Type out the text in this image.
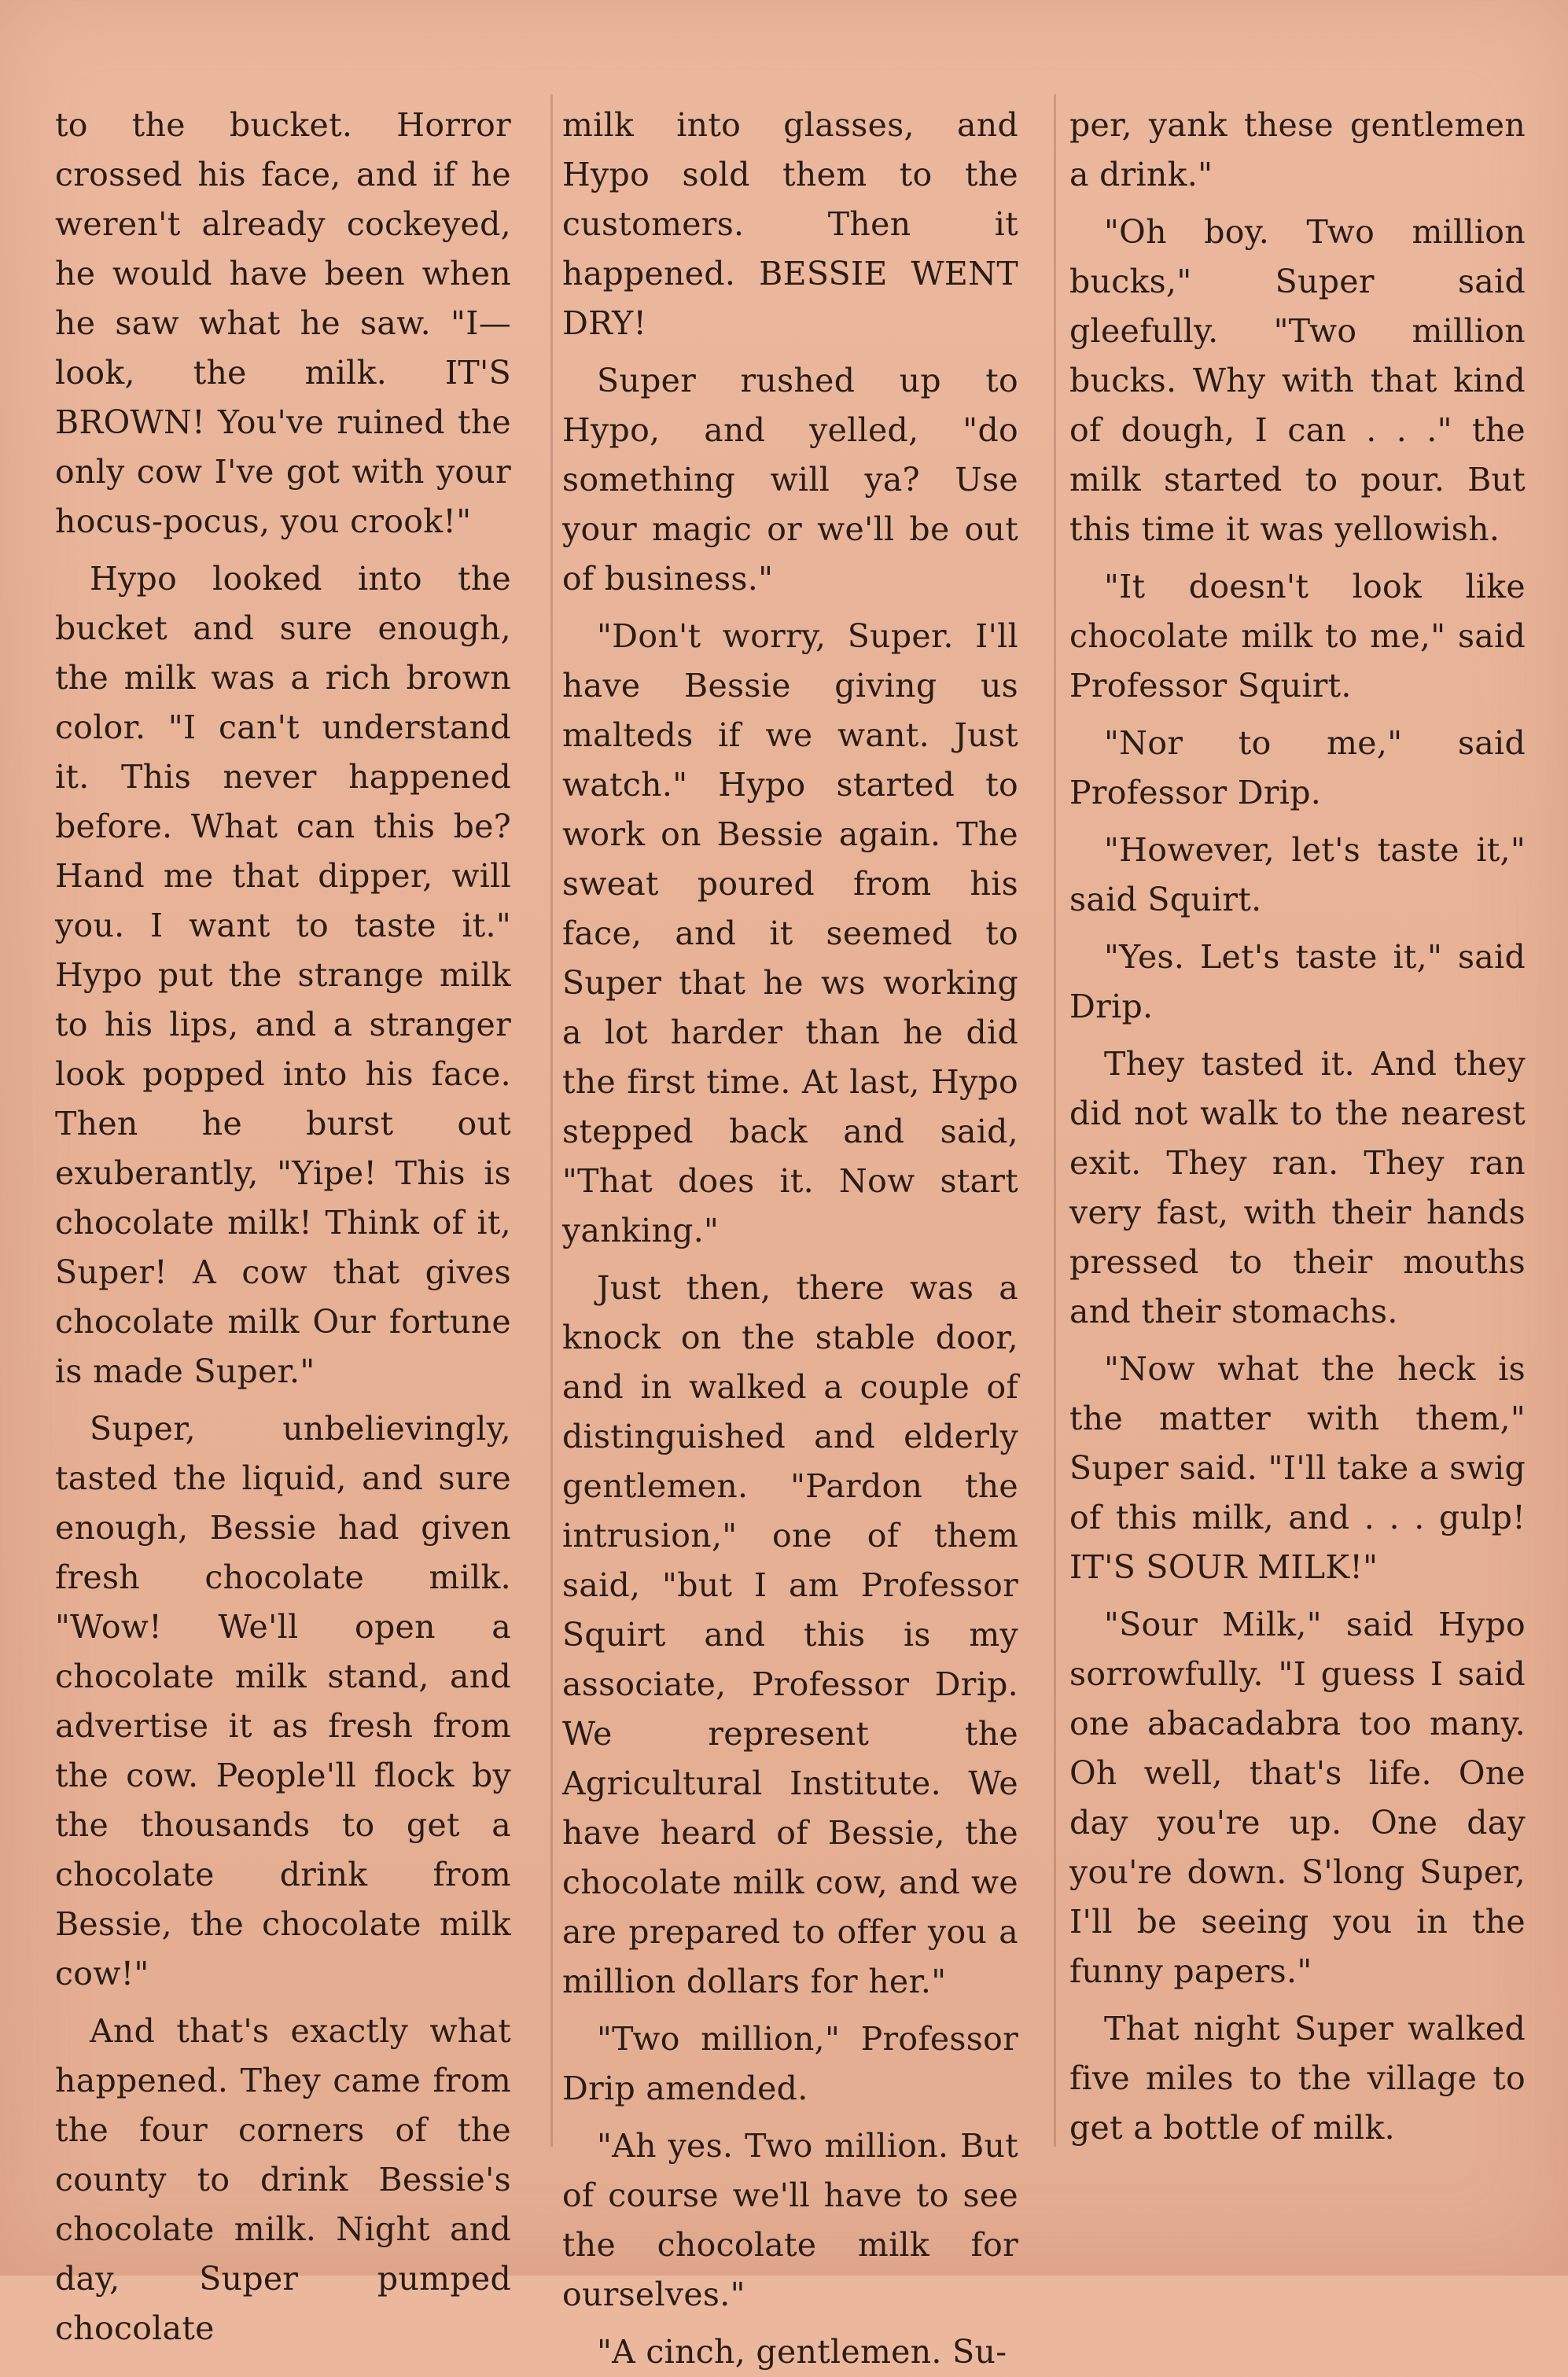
to the bucket. Horror crossed his face, and if he weren't already cockeyed, he would have been when he saw what he saw. "I—look, the milk. IT'S BROWN! You've ruined the only cow I've got with your hocus-pocus, you crook!"

Hypo looked into the bucket and sure enough, the milk was a rich brown color. "I can't understand it. This never happened before. What can this be? Hand me that dipper, will you. I want to taste it." Hypo put the strange milk to his lips, and a stranger look popped into his face. Then he burst out exuberantly, "Yipe! This is chocolate milk! Think of it, Super! A cow that gives chocolate milk Our fortune is made Super."

Super, unbelievingly, tasted the liquid, and sure enough, Bessie had given fresh chocolate milk. "Wow! We'll open a chocolate milk stand, and advertise it as fresh from the cow. People'll flock by the thousands to get a chocolate drink from Bessie, the chocolate milk cow!"

And that's exactly what happened. They came from the four corners of the county to drink Bessie's chocolate milk. Night and day, Super pumped chocolate

milk into glasses, and Hypo sold them to the customers. Then it happened. BESSIE WENT DRY!

Super rushed up to Hypo, and yelled, "do something will ya? Use your magic or we'll be out of business."

"Don't worry, Super. I'll have Bessie giving us malteds if we want. Just watch." Hypo started to work on Bessie again. The sweat poured from his face, and it seemed to Super that he ws working a lot harder than he did the first time. At last, Hypo stepped back and said, "That does it. Now start yanking."

Just then, there was a knock on the stable door, and in walked a couple of distinguished and elderly gentlemen. "Pardon the intrusion," one of them said, "but I am Professor Squirt and this is my associate, Professor Drip. We represent the Agricultural Institute. We have heard of Bessie, the chocolate milk cow, and we are prepared to offer you a million dollars for her."

"Two million," Professor Drip amended.

"Ah yes. Two million. But of course we'll have to see the chocolate milk for ourselves."

"A cinch, gentlemen. Su-

per, yank these gentlemen a drink."

"Oh boy. Two million bucks," Super said gleefully. "Two million bucks. Why with that kind of dough, I can . . ." the milk started to pour. But this time it was yellowish.

"It doesn't look like chocolate milk to me," said Professor Squirt.

"Nor to me," said Professor Drip.

"However, let's taste it," said Squirt.

"Yes. Let's taste it," said Drip.

They tasted it. And they did not walk to the nearest exit. They ran. They ran very fast, with their hands pressed to their mouths and their stomachs.

"Now what the heck is the matter with them," Super said. "I'll take a swig of this milk, and . . . gulp! IT'S SOUR MILK!"

"Sour Milk," said Hypo sorrowfully. "I guess I said one abacadabra too many. Oh well, that's life. One day you're up. One day you're down. S'long Super, I'll be seeing you in the funny papers."

That night Super walked five miles to the village to get a bottle of milk.
